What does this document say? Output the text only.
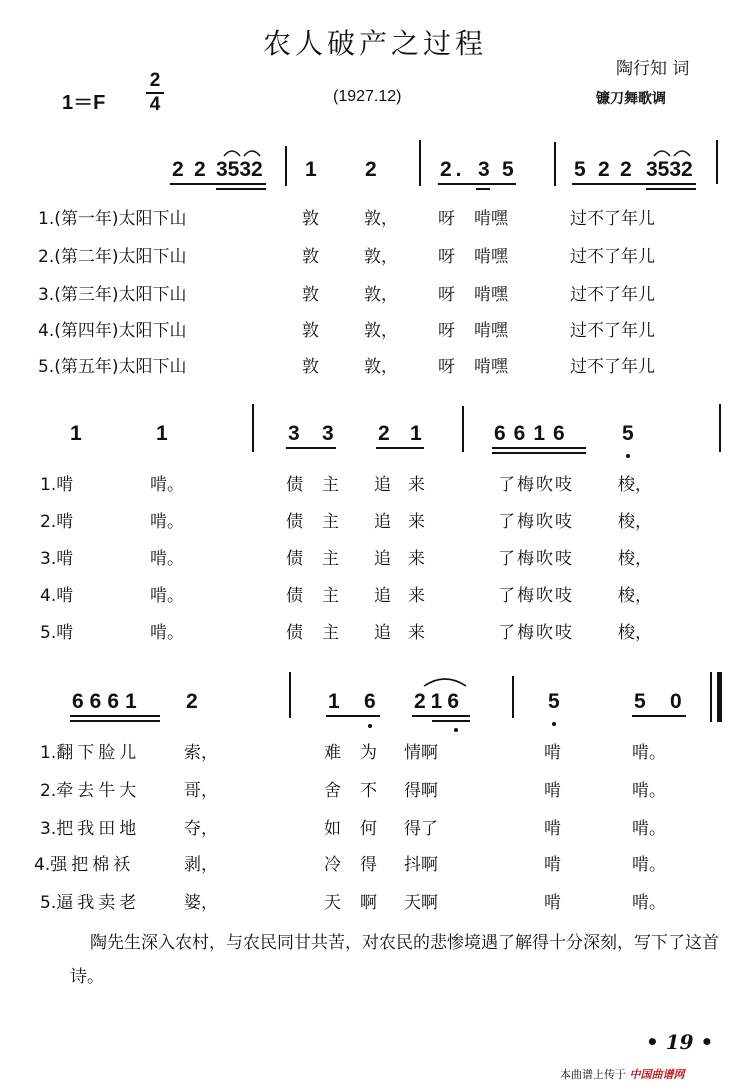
农人破产之过程
陶行知 词
1＝F
2
4	(1927.12)	镰刀舞歌调
2 2 3532 1 2	2. 3 5	5 2 2 3532
1.(第一年)太阳下山	敦	敦， 呀 啃嘿	过不了年儿
2.(第二年)太阳下山	敦	敦， 呀 啃嘿	过不了年儿
3.(第三年)太阳下山	敦	敦， 呀 啃嘿	过不了年儿
4.(第四年)太阳下山	敦	敦， 呀 啃嘿	过不了年儿
5.(第五年)太阳下山	敦	敦， 呀 啃嘿	过不了年儿
1	1	3 3 2 1	6616 5
1.啃	啃。	债 主 追 来	了梅吹吱	梭，
2.啃	啃。	债 主 追 来	了梅吹吱	梭，
3.啃	啃。	债 主 追 来	了梅吹吱	梭，
4.啃	啃。	债 主 追 来	了梅吹吱	梭，
5.啃	啃。	债 主 追 来	了梅吹吱	梭，
6661 2	1 6 216	5	5 0
1.翻下脸儿	索，	难 为 情啊	啃	啃。
2.牵去牛大	哥，	舍 不 得啊	啃	啃。
3.把我田地	夺，	如 何 得了	啃	啃。
4.强把棉袄	剥，	冷 得 抖啊	啃	啃。
5.逼我卖老	婆，	天 啊 天啊	啃	啃。
陶先生深入农村，与农民同甘共苦，对农民的悲惨境遇了解得十分深刻，写下了这首诗。
• 19 •
本曲谱上传于 中国曲谱网
